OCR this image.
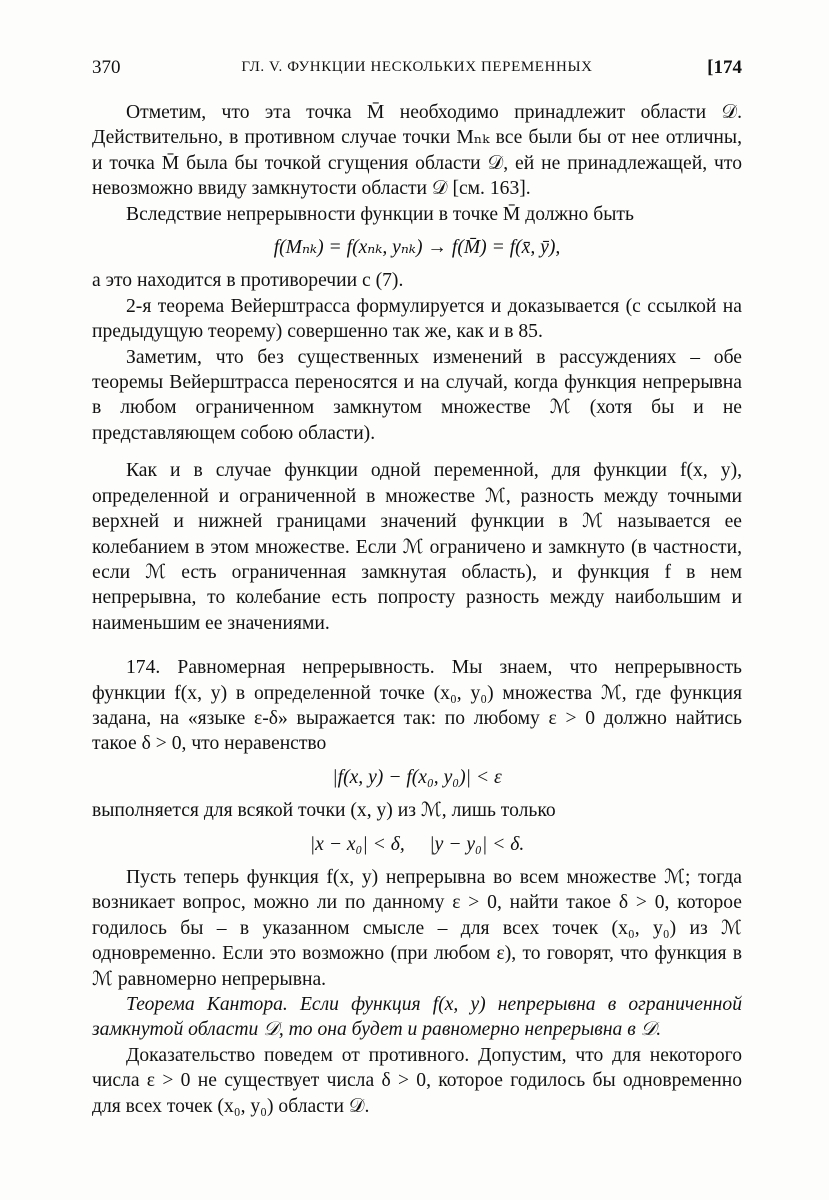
370	ГЛ. V. ФУНКЦИИ НЕСКОЛЬКИХ ПЕРЕМЕННЫХ	[174

Отметим, что эта точка M̄ необходимо принадлежит области 𝒟. Действительно, в противном случае точки Mₙₖ все были бы от нее отличны, и точка M̄ была бы точкой сгущения области 𝒟, ей не принадлежащей, что невозможно ввиду замкнутости области 𝒟 [см. 163].

Вследствие непрерывности функции в точке M̄ должно быть

f(Mₙₖ) = f(xₙₖ, yₙₖ) → f(M̄) = f(x̄, ȳ),

а это находится в противоречии с (7).

2-я теорема Вейерштрасса формулируется и доказывается (с ссылкой на предыдущую теорему) совершенно так же, как и в 85.

Заметим, что без существенных изменений в рассуждениях – обе теоремы Вейерштрасса переносятся и на случай, когда функция непрерывна в любом ограниченном замкнутом множестве ℳ (хотя бы и не представляющем собою области).

Как и в случае функции одной переменной, для функции f(x, y), определенной и ограниченной в множестве ℳ, разность между точными верхней и нижней границами значений функции в ℳ называется ее колебанием в этом множестве. Если ℳ ограничено и замкнуто (в частности, если ℳ есть ограниченная замкнутая область), и функция f в нем непрерывна, то колебание есть попросту разность между наибольшим и наименьшим ее значениями.

174. Равномерная непрерывность. Мы знаем, что непрерывность функции f(x, y) в определенной точке (x₀, y₀) множества ℳ, где функция задана, на «языке ε-δ» выражается так: по любому ε > 0 должно найтись такое δ > 0, что неравенство

|f(x, y) − f(x₀, y₀)| < ε

выполняется для всякой точки (x, y) из ℳ, лишь только

|x − x₀| < δ,     |y − y₀| < δ.

Пусть теперь функция f(x, y) непрерывна во всем множестве ℳ; тогда возникает вопрос, можно ли по данному ε > 0, найти такое δ > 0, которое годилось бы – в указанном смысле – для всех точек (x₀, y₀) из ℳ одновременно. Если это возможно (при любом ε), то говорят, что функция в ℳ равномерно непрерывна.

Теорема Кантора. Если функция f(x, y) непрерывна в ограниченной замкнутой области 𝒟, то она будет и равномерно непрерывна в 𝒟.

Доказательство поведем от противного. Допустим, что для некоторого числа ε > 0 не существует числа δ > 0, которое годилось бы одновременно для всех точек (x₀, y₀) области 𝒟.
